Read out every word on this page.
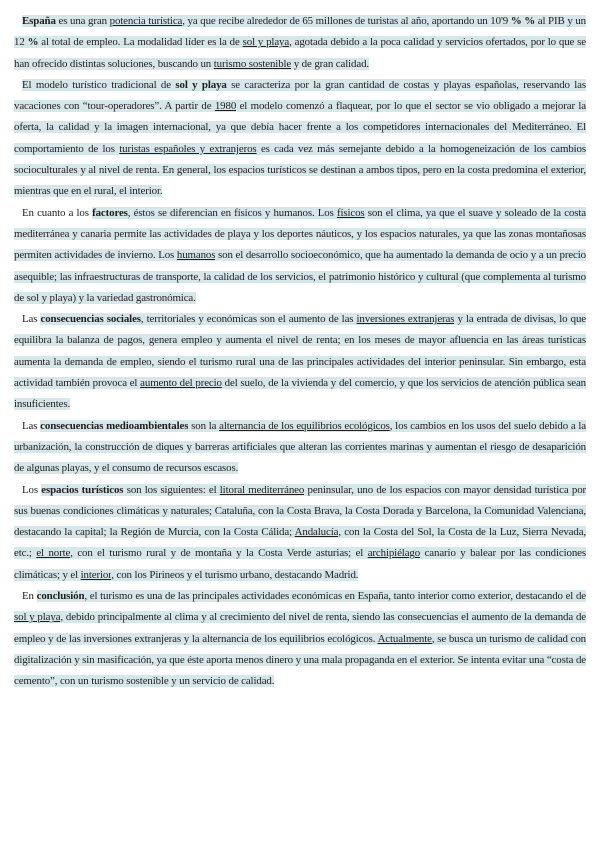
España es una gran potencia turística, ya que recibe alrededor de 65 millones de turistas al año, aportando un 10'9 % % al PIB y un 12 % al total de empleo. La modalidad líder es la de sol y playa, agotada debido a la poca calidad y servicios ofertados, por lo que se han ofrecido distintas soluciones, buscando un turismo sostenible y de gran calidad.

El modelo turístico tradicional de sol y playa se caracteriza por la gran cantidad de costas y playas españolas, reservando las vacaciones con “tour-operadores”. A partir de 1980 el modelo comenzó a flaquear, por lo que el sector se vio obligado a mejorar la oferta, la calidad y la imagen internacional, ya que debía hacer frente a los competidores internacionales del Mediterráneo. El comportamiento de los turistas españoles y extranjeros es cada vez más semejante debido a la homogeneización de los cambios socioculturales y al nivel de renta. En general, los espacios turísticos se destinan a ambos tipos, pero en la costa predomina el exterior, mientras que en el rural, el interior.

En cuanto a los factores, éstos se diferencian en físicos y humanos. Los físicos son el clima, ya que el suave y soleado de la costa mediterránea y canaria permite las actividades de playa y los deportes náuticos, y los espacios naturales, ya que las zonas montañosas permiten actividades de invierno. Los humanos son el desarrollo socioeconómico, que ha aumentado la demanda de ocio y a un precio asequible; las infraestructuras de transporte, la calidad de los servicios, el patrimonio histórico y cultural (que complementa al turismo de sol y playa) y la variedad gastronómica.

Las consecuencias sociales, territoriales y económicas son el aumento de las inversiones extranjeras y la entrada de divisas, lo que equilibra la balanza de pagos, genera empleo y aumenta el nivel de renta; en los meses de mayor afluencia en las áreas turísticas aumenta la demanda de empleo, siendo el turismo rural una de las principales actividades del interior peninsular. Sin embargo, esta actividad también provoca el aumento del precio del suelo, de la vivienda y del comercio, y que los servicios de atención pública sean insuficientes.

Las consecuencias medioambientales son la alternancia de los equilibrios ecológicos, los cambios en los usos del suelo debido a la urbanización, la construcción de diques y barreras artificiales que alteran las corrientes marinas y aumentan el riesgo de desaparición de algunas playas, y el consumo de recursos escasos.

Los espacios turísticos son los siguientes: el litoral mediterráneo peninsular, uno de los espacios con mayor densidad turística por sus buenas condiciones climáticas y naturales; Cataluña, con la Costa Brava, la Costa Dorada y Barcelona, la Comunidad Valenciana, destacando la capital; la Región de Murcia, con la Costa Cálida; Andalucía, con la Costa del Sol, la Costa de la Luz, Sierra Nevada, etc.; el norte, con el turismo rural y de montaña y la Costa Verde asturias; el archipiélago canario y balear por las condiciones climáticas; y el interior, con los Pirineos y el turismo urbano, destacando Madrid.

En conclusión, el turismo es una de las principales actividades económicas en España, tanto interior como exterior, destacando el de sol y playa, debido principalmente al clima y al crecimiento del nivel de renta, siendo las consecuencias el aumento de la demanda de empleo y de las inversiones extranjeras y la alternancia de los equilibrios ecológicos. Actualmente, se busca un turismo de calidad con digitalización y sin masificación, ya que éste aporta menos dinero y una mala propaganda en el exterior. Se intenta evitar una “costa de cemento”, con un turismo sostenible y un servicio de calidad.
